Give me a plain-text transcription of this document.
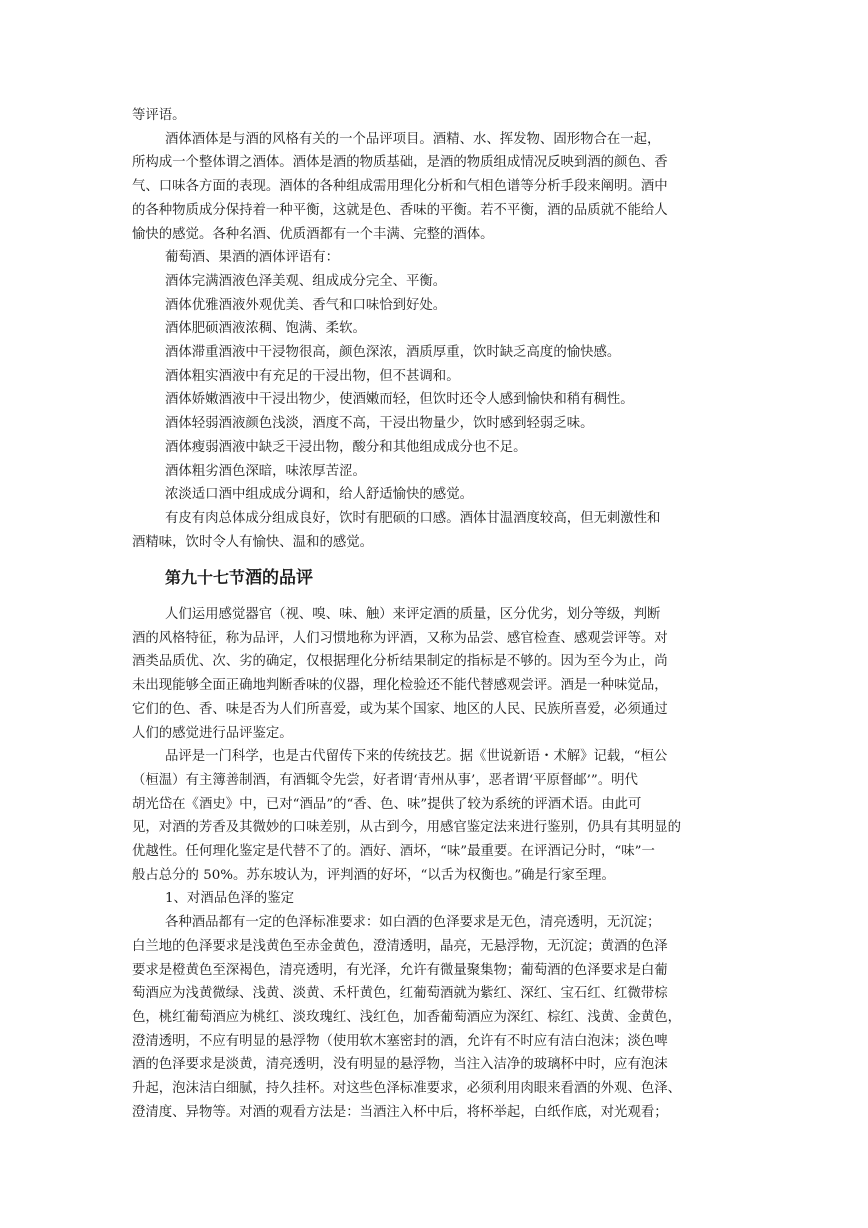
等评语。
酒体酒体是与酒的风格有关的一个品评项目。酒精、水、挥发物、固形物合在一起，
所构成一个整体谓之酒体。酒体是酒的物质基础，是酒的物质组成情况反映到酒的颜色、香
气、口味各方面的表现。酒体的各种组成需用理化分析和气相色谱等分析手段来阐明。酒中
的各种物质成分保持着一种平衡，这就是色、香味的平衡。若不平衡，酒的品质就不能给人
愉快的感觉。各种名酒、优质酒都有一个丰满、完整的酒体。
葡萄酒、果酒的酒体评语有：
酒体完满酒液色泽美观、组成成分完全、平衡。
酒体优雅酒液外观优美、香气和口味恰到好处。
酒体肥硕酒液浓稠、饱满、柔软。
酒体滞重酒液中干浸物很高，颜色深浓，酒质厚重，饮时缺乏高度的愉快感。
酒体粗实酒液中有充足的干浸出物，但不甚调和。
酒体娇嫩酒液中干浸出物少，使酒嫩而轻，但饮时还令人感到愉快和稍有稠性。
酒体轻弱酒液颜色浅淡，酒度不高，干浸出物量少，饮时感到轻弱乏味。
酒体瘦弱酒液中缺乏干浸出物，酸分和其他组成成分也不足。
酒体粗劣酒色深暗，味浓厚苦涩。
浓淡适口酒中组成成分调和，给人舒适愉快的感觉。
有皮有肉总体成分组成良好，饮时有肥硕的口感。酒体甘温酒度较高，但无刺激性和
酒精味，饮时令人有愉快、温和的感觉。
第九十七节酒的品评
人们运用感觉器官（视、嗅、味、触）来评定酒的质量，区分优劣，划分等级，判断
酒的风格特征，称为品评，人们习惯地称为评酒，又称为品尝、感官检查、感观尝评等。对
酒类品质优、次、劣的确定，仅根据理化分析结果制定的指标是不够的。因为至今为止，尚
未出现能够全面正确地判断香味的仪器，理化检验还不能代替感观尝评。酒是一种味觉品，
它们的色、香、味是否为人们所喜爱，或为某个国家、地区的人民、民族所喜爱，必须通过
人们的感觉进行品评鉴定。
品评是一门科学，也是古代留传下来的传统技艺。据《世说新语・术解》记载，“桓公
（桓温）有主簿善制酒，有酒辄令先尝，好者谓‘青州从事’，恶者谓‘平原督邮’”。明代
胡光岱在《酒史》中，已对“酒品”的“香、色、味”提供了较为系统的评酒术语。由此可
见，对酒的芳香及其微妙的口味差别，从古到今，用感官鉴定法来进行鉴别，仍具有其明显的
优越性。任何理化鉴定是代替不了的。酒好、酒坏，“味”最重要。在评酒记分时，“味”一
般占总分的 50%。苏东坡认为，评判酒的好坏，“以舌为权衡也。”确是行家至理。
1、对酒品色泽的鉴定
各种酒品都有一定的色泽标准要求：如白酒的色泽要求是无色，清亮透明，无沉淀；
白兰地的色泽要求是浅黄色至赤金黄色，澄清透明，晶亮，无悬浮物，无沉淀；黄酒的色泽
要求是橙黄色至深褐色，清亮透明，有光泽，允许有微量聚集物；葡萄酒的色泽要求是白葡
萄酒应为浅黄微绿、浅黄、淡黄、禾杆黄色，红葡萄酒就为紫红、深红、宝石红、红微带棕
色，桃红葡萄酒应为桃红、淡玫瑰红、浅红色，加香葡萄酒应为深红、棕红、浅黄、金黄色，
澄清透明，不应有明显的悬浮物（使用软木塞密封的酒，允许有不时应有洁白泡沫；淡色啤
酒的色泽要求是淡黄，清亮透明，没有明显的悬浮物，当注入洁净的玻璃杯中时，应有泡沫
升起，泡沫洁白细腻，持久挂杯。对这些色泽标准要求，必须利用肉眼来看酒的外观、色泽、
澄清度、异物等。对酒的观看方法是：当酒注入杯中后，将杯举起，白纸作底，对光观看；
